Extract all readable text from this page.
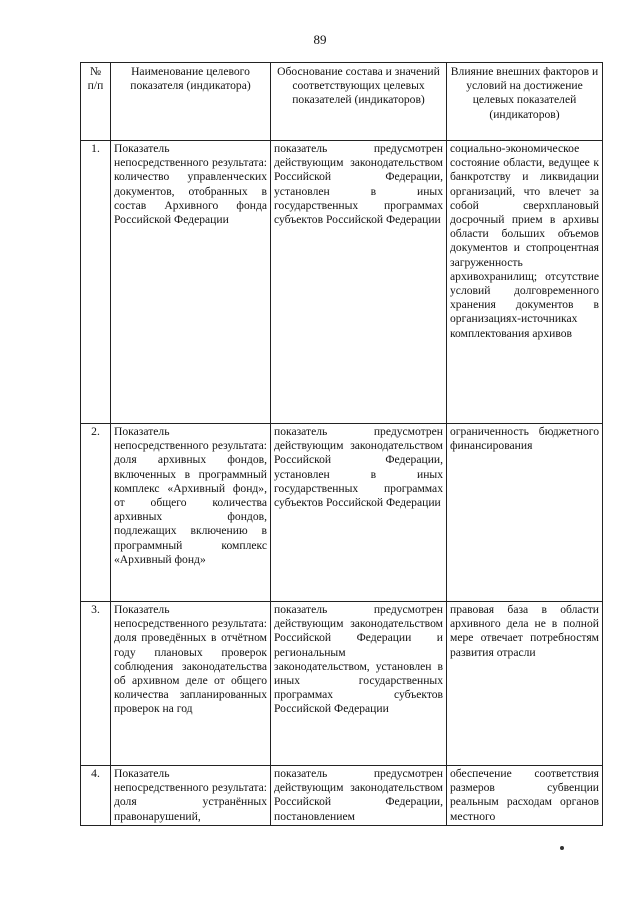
89
№ п/п	Наименование целевого показателя (индикатора)	Обоснование состава и значений соответствующих целевых показателей (индикаторов)	Влияние внешних факторов и условий на достижение целевых показателей (индикаторов)
1.	Показатель непосредственного результата: количество управленческих документов, отобранных в состав Архивного фонда Российской Федерации	показатель предусмотрен действующим законодательством Российской Федерации, установлен в иных государственных программах субъектов Российской Федерации	социально-экономическое состояние области, ведущее к банкротству и ликвидации организаций, что влечет за собой сверхплановый досрочный прием в архивы области больших объемов документов и стопроцентная загруженность архивохранилищ; отсутствие условий долговременного хранения документов в организациях-источниках комплектования архивов
2.	Показатель непосредственного результата: доля архивных фондов, включенных в программный комплекс «Архивный фонд», от общего количества архивных фондов, подлежащих включению в программный комплекс «Архивный фонд»	показатель предусмотрен действующим законодательством Российской Федерации, установлен в иных государственных программах субъектов Российской Федерации	ограниченность бюджетного финансирования
3.	Показатель непосредственного результата: доля проведённых в отчётном году плановых проверок соблюдения законодательства об архивном деле от общего количества запланированных проверок на год	показатель предусмотрен действующим законодательством Российской Федерации и региональным законодательством, установлен в иных государственных программах субъектов Российской Федерации	правовая база в области архивного дела не в полной мере отвечает потребностям развития отрасли
4.	Показатель непосредственного результата: доля устранённых правонарушений,	показатель предусмотрен действующим законодательством Российской Федерации, постановлением	обеспечение соответствия размеров субвенции реальным расходам органов местного
